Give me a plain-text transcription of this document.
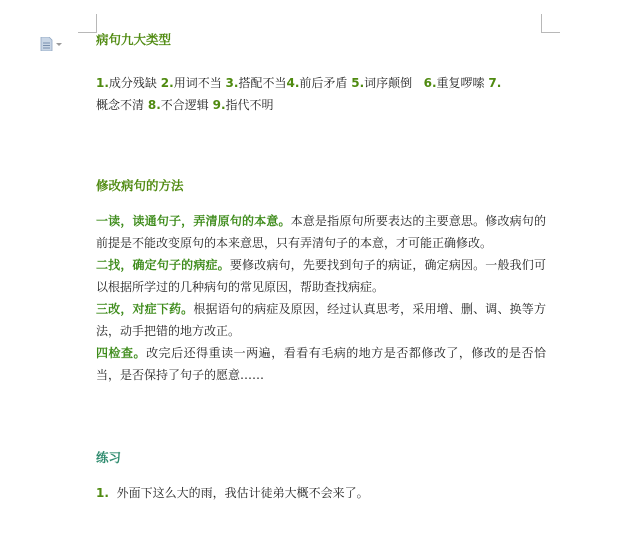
病句九大类型
1.成分残缺 2.用词不当 3.搭配不当4.前后矛盾 5.词序颠倒 6.重复啰嗦 7.
概念不清 8.不合逻辑 9.指代不明
修改病句的方法
一读，读通句子，弄清原句的本意。本意是指原句所要表达的主要意思。修改病句的前提是不能改变原句的本来意思，只有弄清句子的本意，才可能正确修改。
二找，确定句子的病症。要修改病句，先要找到句子的病证，确定病因。一般我们可以根据所学过的几种病句的常见原因，帮助查找病症。
三改，对症下药。根据语句的病症及原因，经过认真思考，采用增、删、调、换等方法，动手把错的地方改正。
四检查。改完后还得重读一两遍，看看有毛病的地方是否都修改了，修改的是否恰当，是否保持了句子的愿意……
练习
1. 外面下这么大的雨，我估计徒弟大概不会来了。
